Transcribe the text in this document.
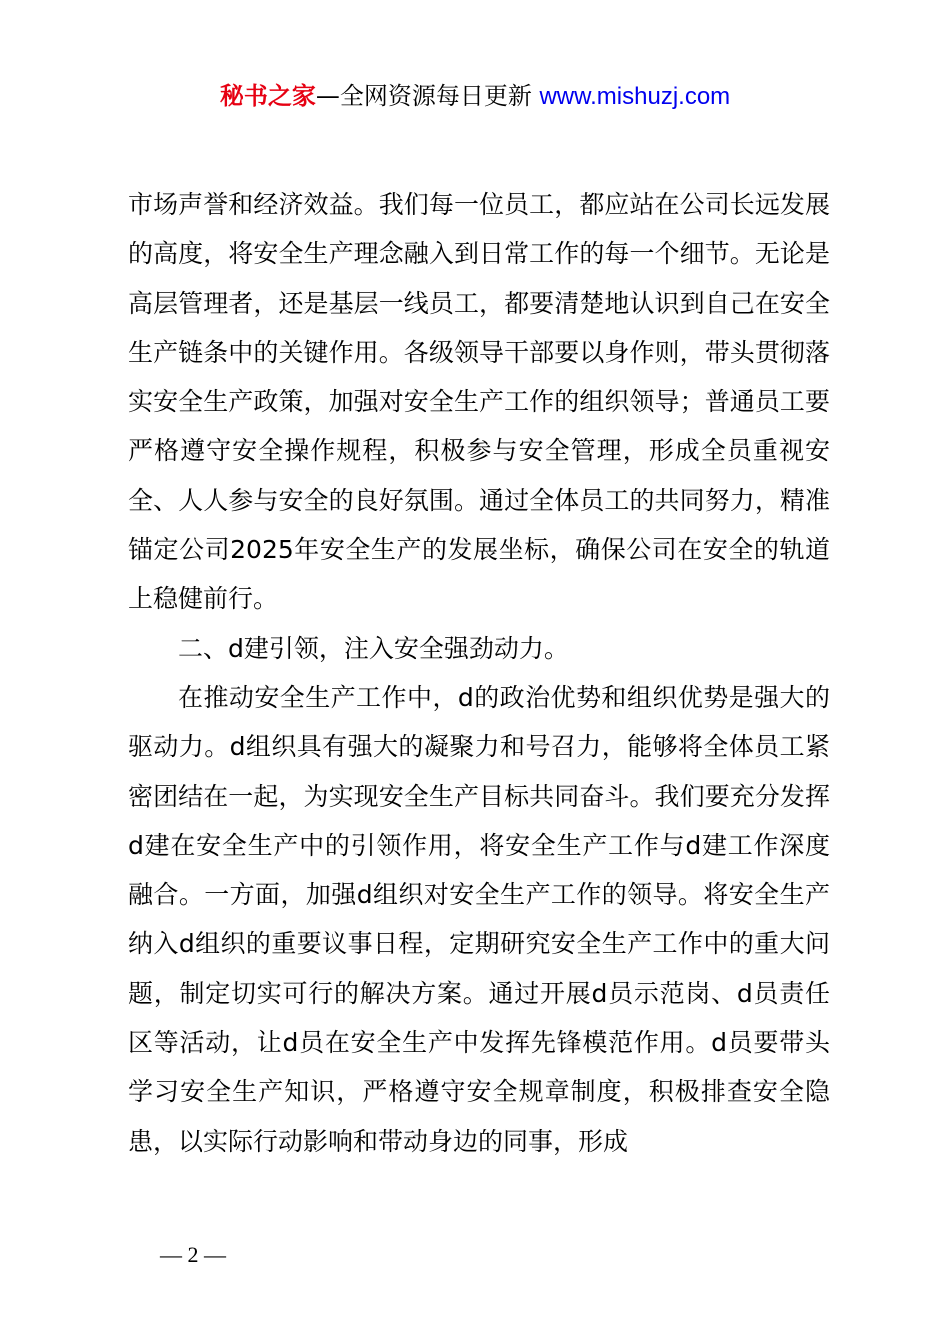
秘书之家—全网资源每日更新 www.mishuzj.com

市场声誉和经济效益。我们每一位员工，都应站在公司长远发展的高度，将安全生产理念融入到日常工作的每一个细节。无论是高层管理者，还是基层一线员工，都要清楚地认识到自己在安全生产链条中的关键作用。各级领导干部要以身作则，带头贯彻落实安全生产政策，加强对安全生产工作的组织领导；普通员工要严格遵守安全操作规程，积极参与安全管理，形成全员重视安全、人人参与安全的良好氛围。通过全体员工的共同努力，精准锚定公司2025年安全生产的发展坐标，确保公司在安全的轨道上稳健前行。

二、d建引领，注入安全强劲动力。

在推动安全生产工作中，d的政治优势和组织优势是强大的驱动力。d组织具有强大的凝聚力和号召力，能够将全体员工紧密团结在一起，为实现安全生产目标共同奋斗。我们要充分发挥d建在安全生产中的引领作用，将安全生产工作与d建工作深度融合。一方面，加强d组织对安全生产工作的领导。将安全生产纳入d组织的重要议事日程，定期研究安全生产工作中的重大问题，制定切实可行的解决方案。通过开展d员示范岗、d员责任区等活动，让d员在安全生产中发挥先锋模范作用。d员要带头学习安全生产知识，严格遵守安全规章制度，积极排查安全隐患，以实际行动影响和带动身边的同事，形成

— 2 —
